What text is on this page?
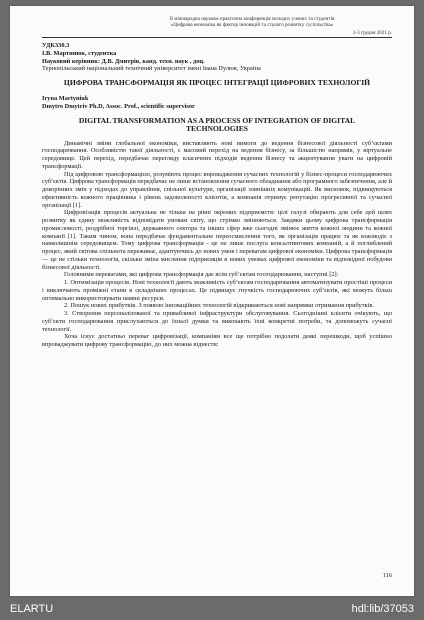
IІ міжнародна науково-практична конференція молодих учених та студентів
«Цифрова економіка як фактор інновацій та сталого розвитку суспільства»
2-3 грудня 2021 р.
УДК330.3
І.В. Мартинюк, студентка
Науковий керівник: Д.В. Дмитрів, канд. техн. наук , доц.
Тернопільський національний технічний університет імені Івана Пулюя, Україна
ЦИФРОВА ТРАНСФОРМАЦІЯ ЯК ПРОЦЕС ІНТЕГРАЦІЇ ЦИФРОВИХ ТЕХНОЛОГІЙ
Iryna Martyniuk
Dmytro Dmytriv Ph.D, Assoc. Prof., scientific supervisor
DIGITAL TRANSFORMATION AS A PROCESS OF INTEGRATION OF DIGITAL TECHNOLOGIES

Динамічні зміни глобальної економіки, виставляють нові вимоги до ведення бізнесової діяльності суб’єктами господарювання. Особливістю такої діяльності, є масовий перехід на ведення бізнесу, за більшістю напрямів, у віртуальне середовище. Цей перехід, передбачає перегляду класичних підходів ведення бізнесу та акцентування уваги на цифровій трансформації.

Під цифровою трансформацією, розуміють процес впровадження сучасних технологій у бізнес-процеси господарюючих суб’єктів. Цифрова трансформація передбачає не лише встановлення сучасного обладнання або програмного забезпечення, але й докорінних змін у підходах до управління, спільної культури, організації зовнішніх комунікацій. Як висновок, підвищуються ефективність кожного працівника і рівень задоволеності клієнтів, а компанія отримує репутацію прогресивної та сучасної організації [1].

Цифровізація процесів актуальна не тільки на рівні окремих підприємств: цілі галузі обирають для себе цей шлях розвитку як єдину можливість відповідати умовам світу, що стрімко змінюються. Завдяки цьому цифрова трансформація промисловості, роздрібної торгівлі, державного сектора та інших сфер вже сьогодні змінює життя кожної людини та кожної компанії [1]. Таким чином, вона передбачає фундаментальне переосмислення того, як організація працює та як взаємодіє з навколишнім середовищем. Тому цифрова трансформація - це не лише послуга консалтингових компаній, а й поглиблений процес, який світова спільнота переживає, адаптуючись до нових умов і перевагам цифрової економіки. Цифрова трансформація — це не стільки технологія, скільки зміна мислення підприємців в нових умовах цифрової економіки та відповідної побудови бізнесової діяльності.

Головними перевагами, які цифрова трансформація дає всім суб’єктам господарювання, наступні [2]:

1. Оптимізація процесів. Нові технології дають можливість суб’єктам господарювання автоматизувати простіші процеси і виключають проміжні етапи в складніших процесах. Це підвищує гнучкість господарюючих суб’єктів, які можуть більш оптимально використовувати наявні ресурси.

2. Пошук нових прибутків. З появою інноваційних технологій відкриваються нові напрямки отримання прибутків.

3. Створення персоналізованої та привабливої інфраструктури обслуговування. Сьогоднішні клієнти очікують, що суб’єкти господарювання прислухаються до їхньої думки та виконають їхні конкретні потреби, та допоможуть сучасні технології.

Хоча існує достатньо переваг цифровізації, компаніям все ще потрібно подолати деякі перешкоди, щоб успішно впроваджувати цифрову трансформацію, до них можна віднести:

116
ELARTU	hdl:lib/37053
